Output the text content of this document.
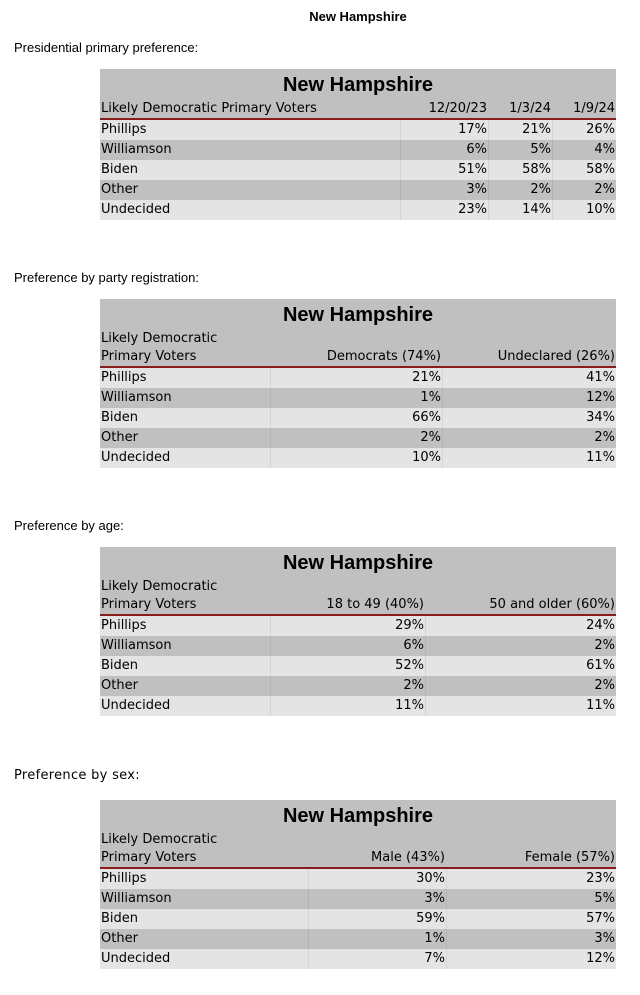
New Hampshire
Presidential primary preference:
New Hampshire
Likely Democratic Primary Voters	12/20/23	1/3/24	1/9/24
Phillips	17%	21%	26%
Williamson	6%	5%	4%
Biden	51%	58%	58%
Other	3%	2%	2%
Undecided	23%	14%	10%
Preference by party registration:
New Hampshire
Likely Democratic
Primary Voters	Democrats (74%)	Undeclared (26%)
Phillips	21%	41%
Williamson	1%	12%
Biden	66%	34%
Other	2%	2%
Undecided	10%	11%
Preference by age:
New Hampshire
Likely Democratic
Primary Voters	18 to 49 (40%)	50 and older (60%)
Phillips	29%	24%
Williamson	6%	2%
Biden	52%	61%
Other	2%	2%
Undecided	11%	11%
Preference by sex:
New Hampshire
Likely Democratic
Primary Voters	Male (43%)	Female (57%)
Phillips	30%	23%
Williamson	3%	5%
Biden	59%	57%
Other	1%	3%
Undecided	7%	12%
